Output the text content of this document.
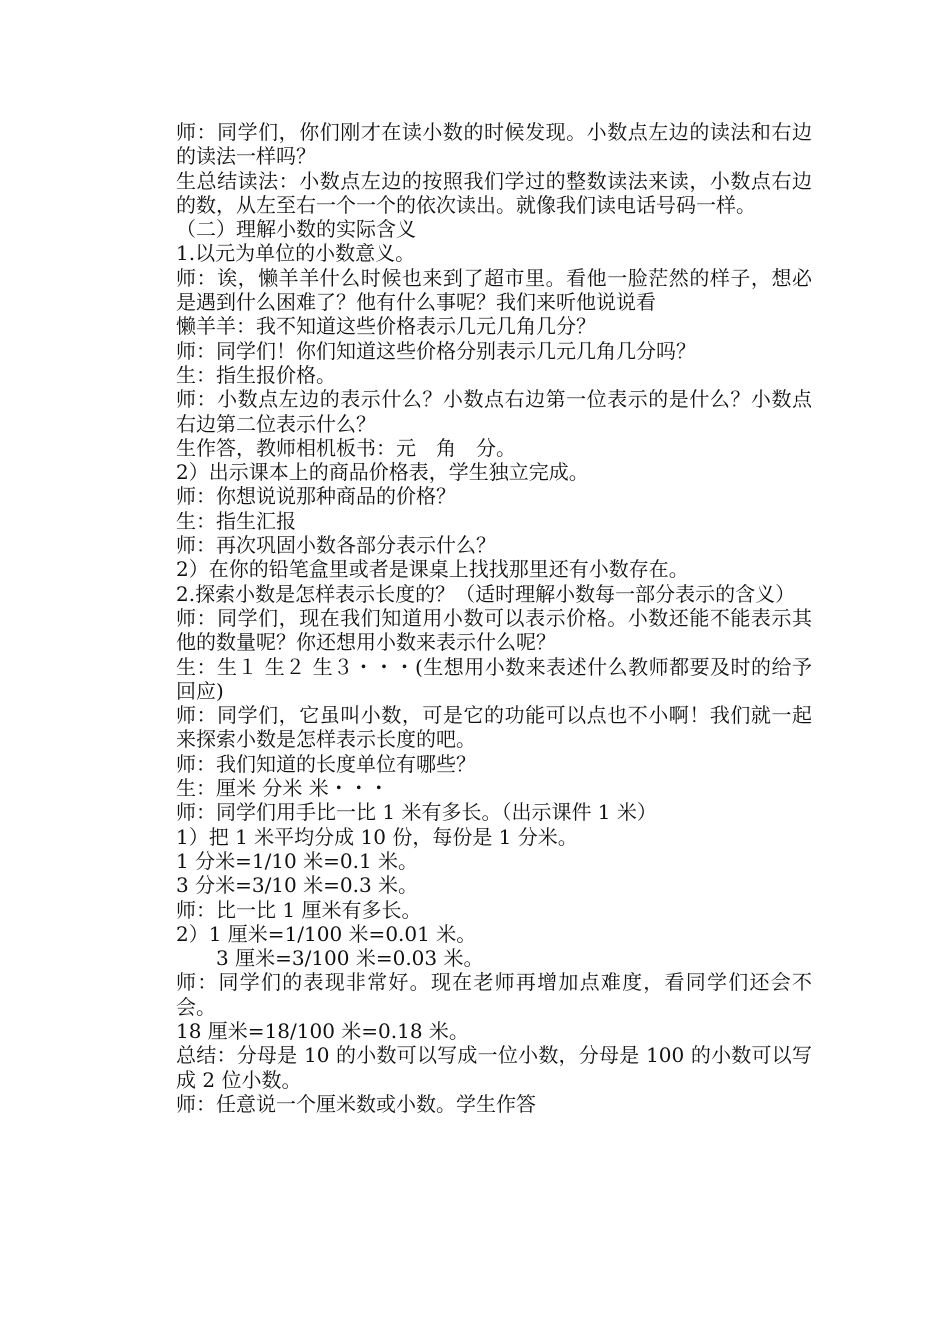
师：同学们，你们刚才在读小数的时候发现。小数点左边的读法和右边的读法一样吗？

生总结读法：小数点左边的按照我们学过的整数读法来读，小数点右边的数，从左至右一个一个的依次读出。就像我们读电话号码一样。

（二）理解小数的实际含义

1.以元为单位的小数意义。

师：诶，懒羊羊什么时候也来到了超市里。看他一脸茫然的样子，想必是遇到什么困难了？他有什么事呢？我们来听他说说看

懒羊羊：我不知道这些价格表示几元几角几分？

师：同学们！你们知道这些价格分别表示几元几角几分吗？

生：指生报价格。

师：小数点左边的表示什么？小数点右边第一位表示的是什么？小数点右边第二位表示什么？

生作答，教师相机板书：元　角　分。

2）出示课本上的商品价格表，学生独立完成。

师：你想说说那种商品的价格？

生：指生汇报

师：再次巩固小数各部分表示什么？

2）在你的铅笔盒里或者是课桌上找找那里还有小数存在。

2.探索小数是怎样表示长度的？（适时理解小数每一部分表示的含义）

师：同学们，现在我们知道用小数可以表示价格。小数还能不能表示其他的数量呢？你还想用小数来表示什么呢？

生：生１ 生２ 生３・・・(生想用小数来表述什么教师都要及时的给予回应)

师：同学们，它虽叫小数，可是它的功能可以点也不小啊！我们就一起来探索小数是怎样表示长度的吧。

师：我们知道的长度单位有哪些？

生：厘米 分米 米・・・

师：同学们用手比一比 1 米有多长。（出示课件 1 米）

1）把 1 米平均分成 10 份，每份是 1 分米。

1 分米=1/10 米=0.1 米。

3 分米=3/10 米=0.3 米。

师：比一比 1 厘米有多长。

2）1 厘米=1/100 米=0.01 米。

3 厘米=3/100 米=0.03 米。

师：同学们的表现非常好。现在老师再增加点难度，看同学们还会不会。

18 厘米=18/100 米=0.18 米。

总结：分母是 10 的小数可以写成一位小数，分母是 100 的小数可以写成 2 位小数。

师：任意说一个厘米数或小数。学生作答
